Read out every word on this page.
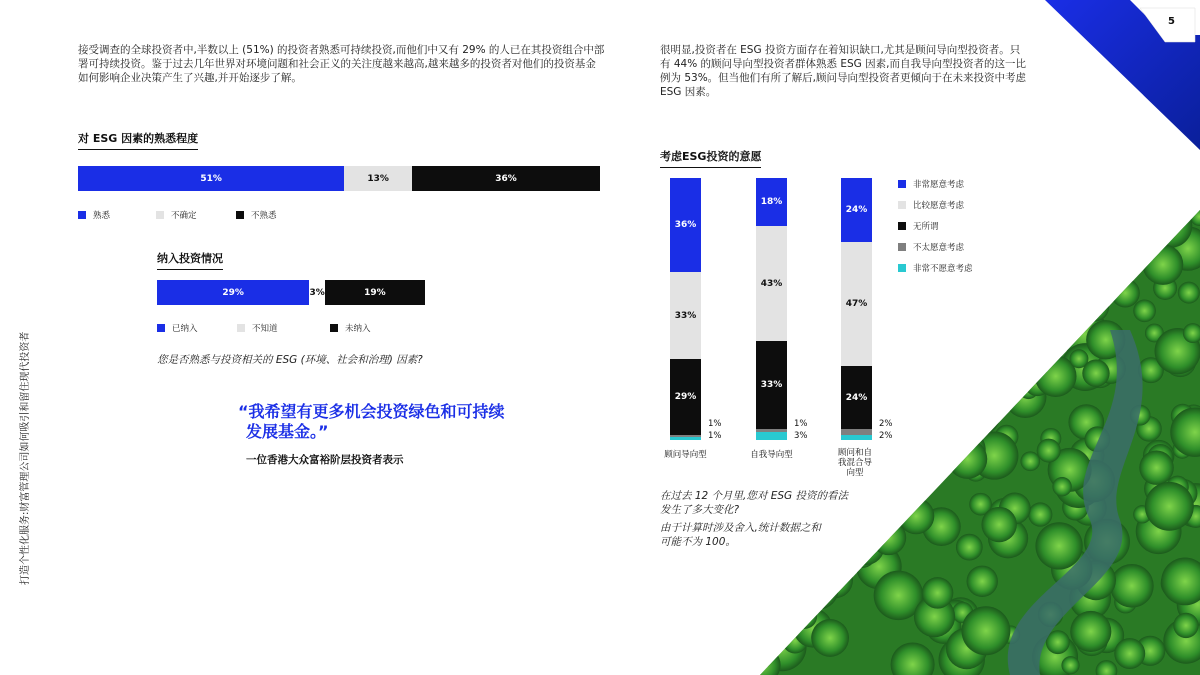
5
打造个性化服务:财富管理公司如何吸引和留住现代投资者
接受调查的全球投资者中,半数以上 (51%) 的投资者熟悉可持续投资,而他们中又有 29% 的人已在其投资组合中部署可持续投资。鉴于过去几年世界对环境问题和社会正义的关注度越来越高,越来越多的投资者对他们的投资基金如何影响企业决策产生了兴趣,并开始逐步了解。
对 ESG 因素的熟悉程度
51%	13%	36%
熟悉	不确定	不熟悉
纳入投资情况
29%	3%	19%
已纳入	不知道	未纳入
您是否熟悉与投资相关的 ESG (环境、社会和治理) 因素?
“我希望有更多机会投资绿色和可持续
发展基金。”
一位香港大众富裕阶层投资者表示
很明显,投资者在 ESG 投资方面存在着知识缺口,尤其是顾问导向型投资者。只有 44% 的顾问导向型投资者群体熟悉 ESG 因素,而自我导向型投资者的这一比例为 53%。但当他们有所了解后,顾问导向型投资者更倾向于在未来投资中考虑 ESG 因素。
考虑ESG投资的意愿
36%
33%
29%
1%
1%
顾问导向型
18%
43%
33%
1%
3%
自我导向型
24%
47%
24%
2%
2%
顾问和自我混合导向型
非常愿意考虑
比较愿意考虑
无所谓
不太愿意考虑
非常不愿意考虑
在过去 12 个月里,您对 ESG 投资的看法
发生了多大变化?
由于计算时涉及舍入,统计数据之和
可能不为 100。
